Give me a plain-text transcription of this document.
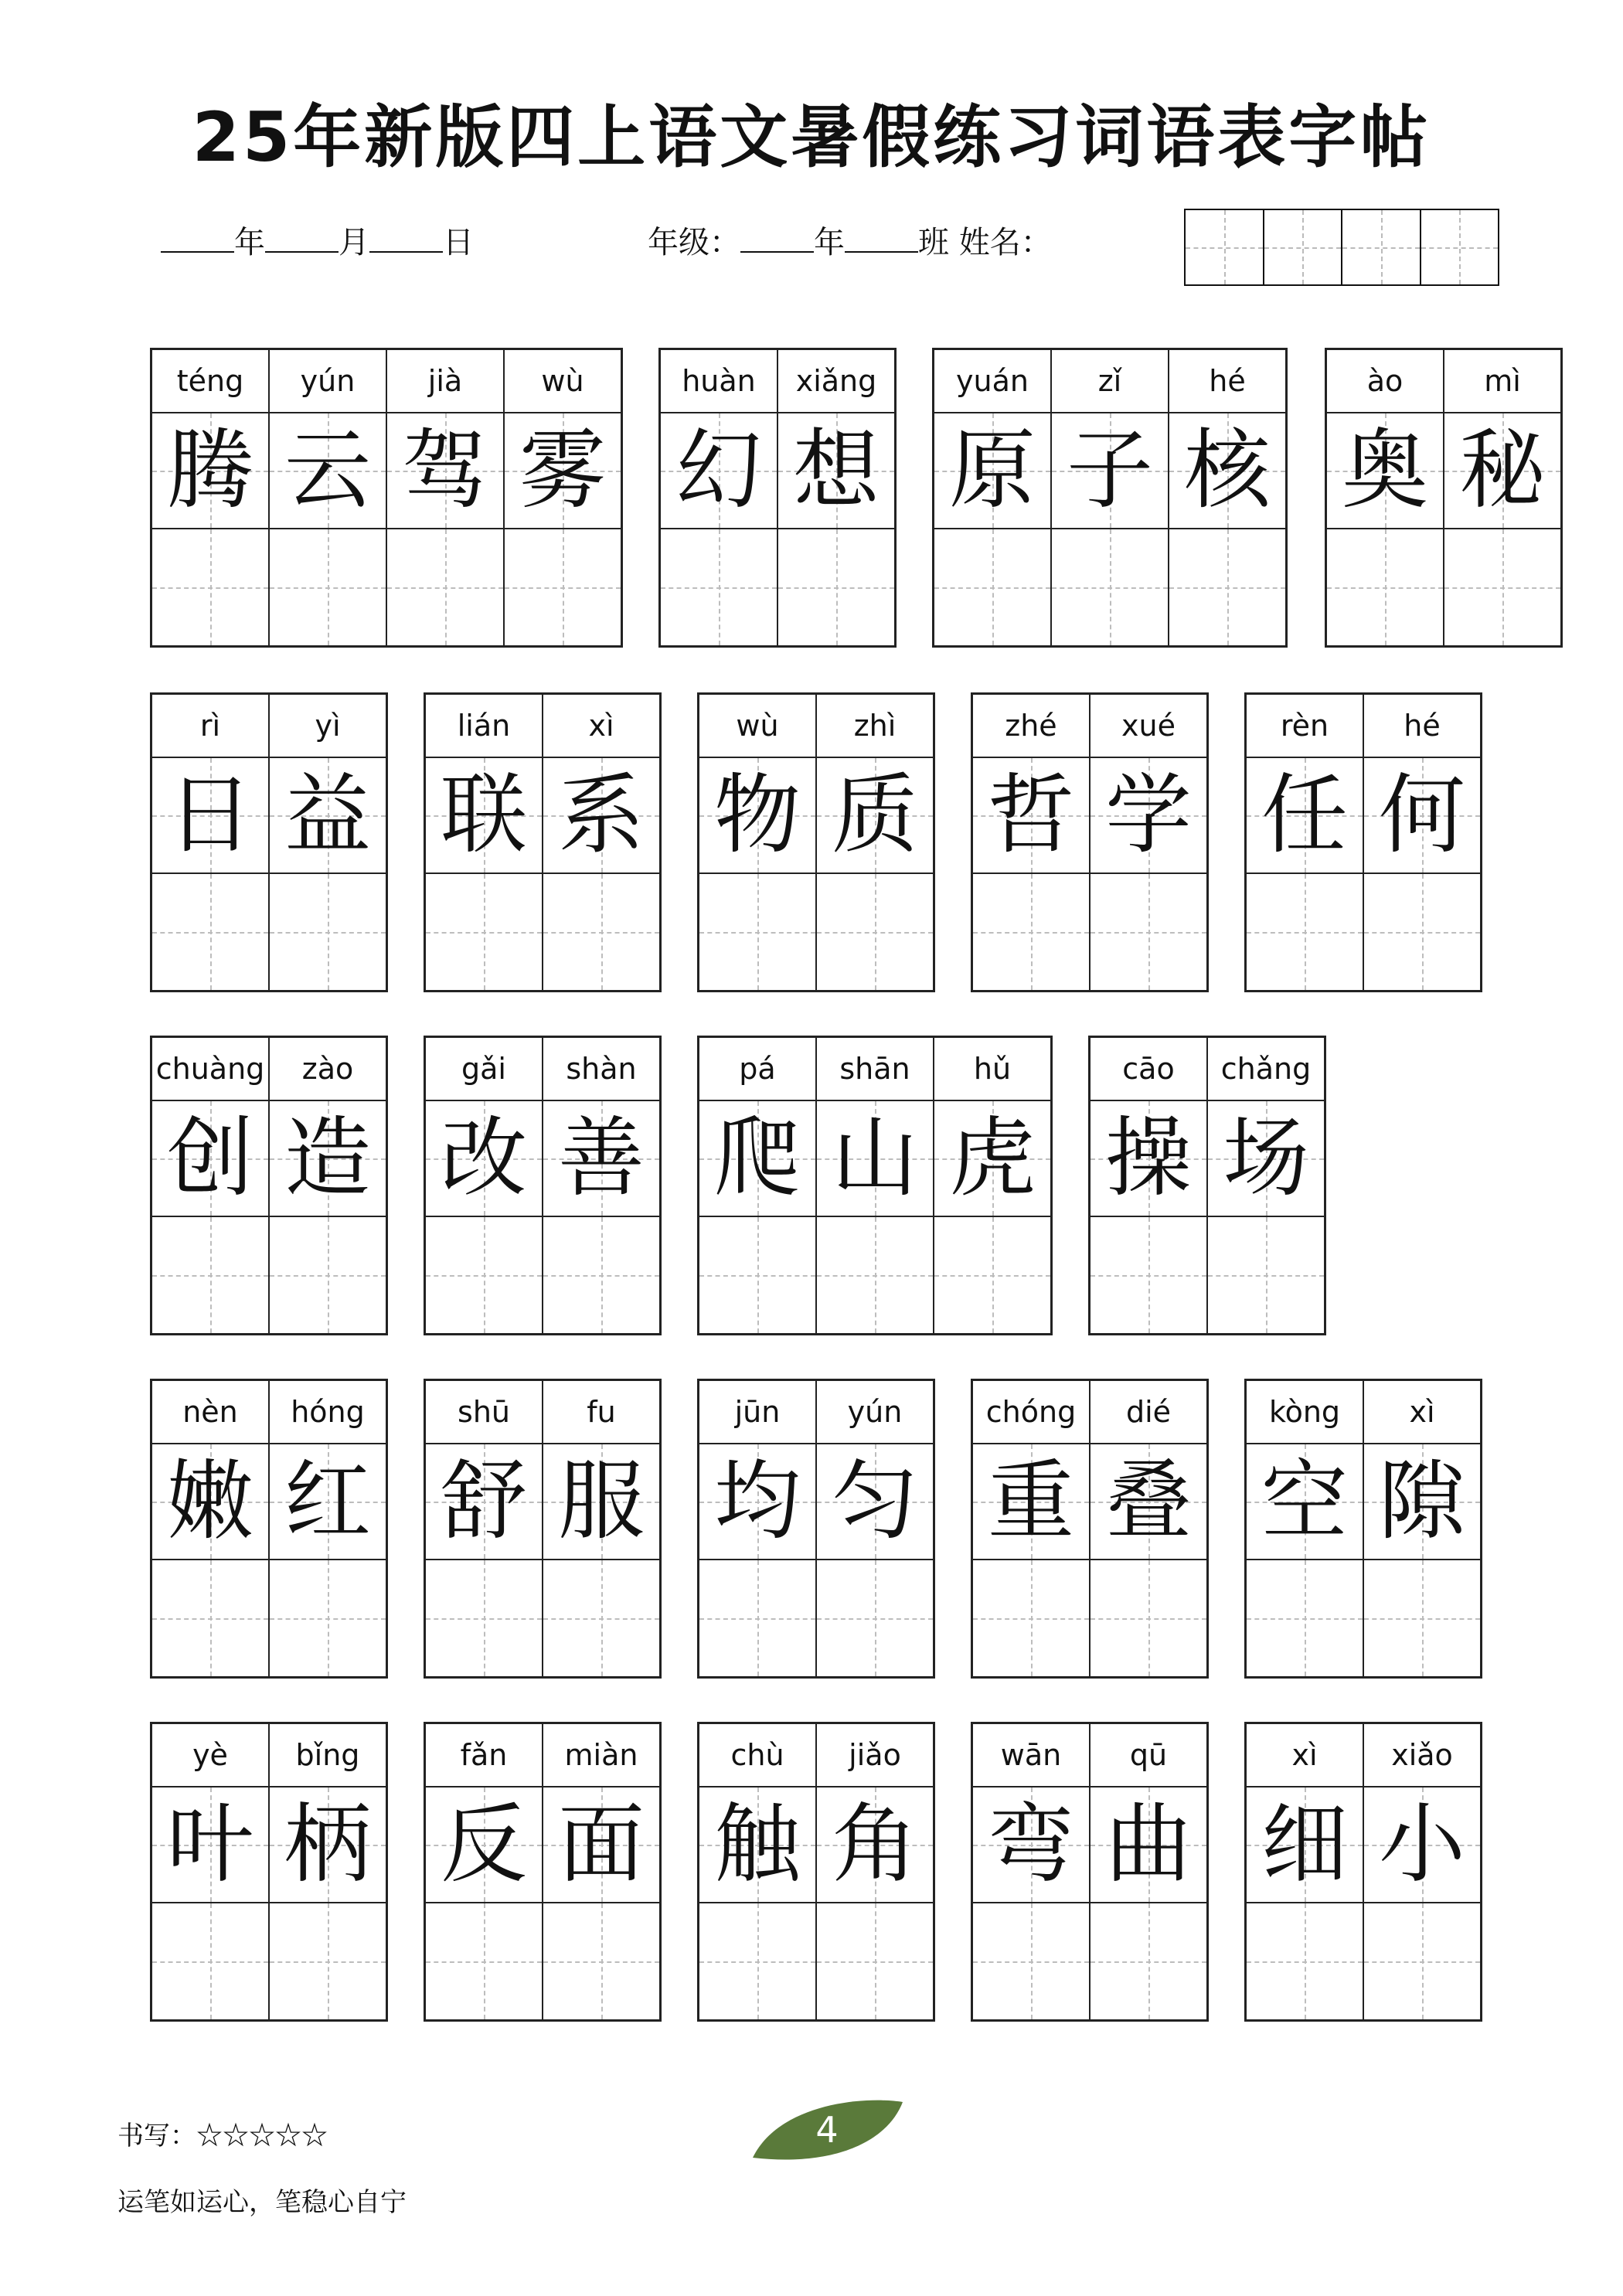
25年新版四上语文暑假练习词语表字帖
年 月 日	年级： 年 班 姓名：
téng
腾
yún
云
jià
驾
wù
雾
huàn
幻
xiǎng
想
yuán
原
zǐ
子
hé
核
ào
奥
mì
秘
rì
日
yì
益
lián
联
xì
系
wù
物
zhì
质
zhé
哲
xué
学
rèn
任
hé
何
chuàng
创
zào
造
gǎi
改
shàn
善
pá
爬
shān
山
hǔ
虎
cāo
操
chǎng
场
nèn
嫩
hóng
红
shū
舒
fu
服
jūn
均
yún
匀
chóng
重
dié
叠
kòng
空
xì
隙
yè
叶
bǐng
柄
fǎn
反
miàn
面
chù
触
jiǎo
角
wān
弯
qū
曲
xì
细
xiǎo
小
书写：☆☆☆☆☆	4
运笔如运心，笔稳心自宁
